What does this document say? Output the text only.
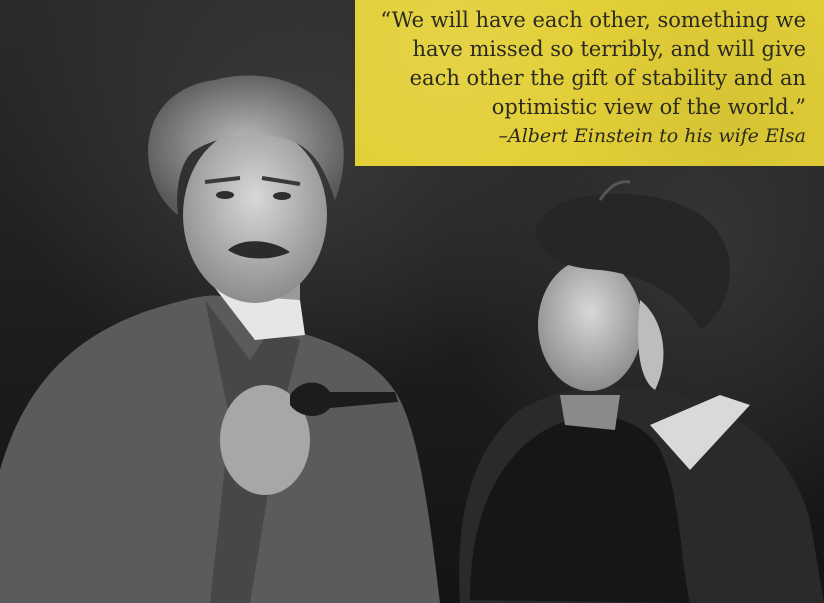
“We will have each other, something we
have missed so terribly, and will give
each other the gift of stability and an
optimistic view of the world.”
–Albert Einstein to his wife Elsa
